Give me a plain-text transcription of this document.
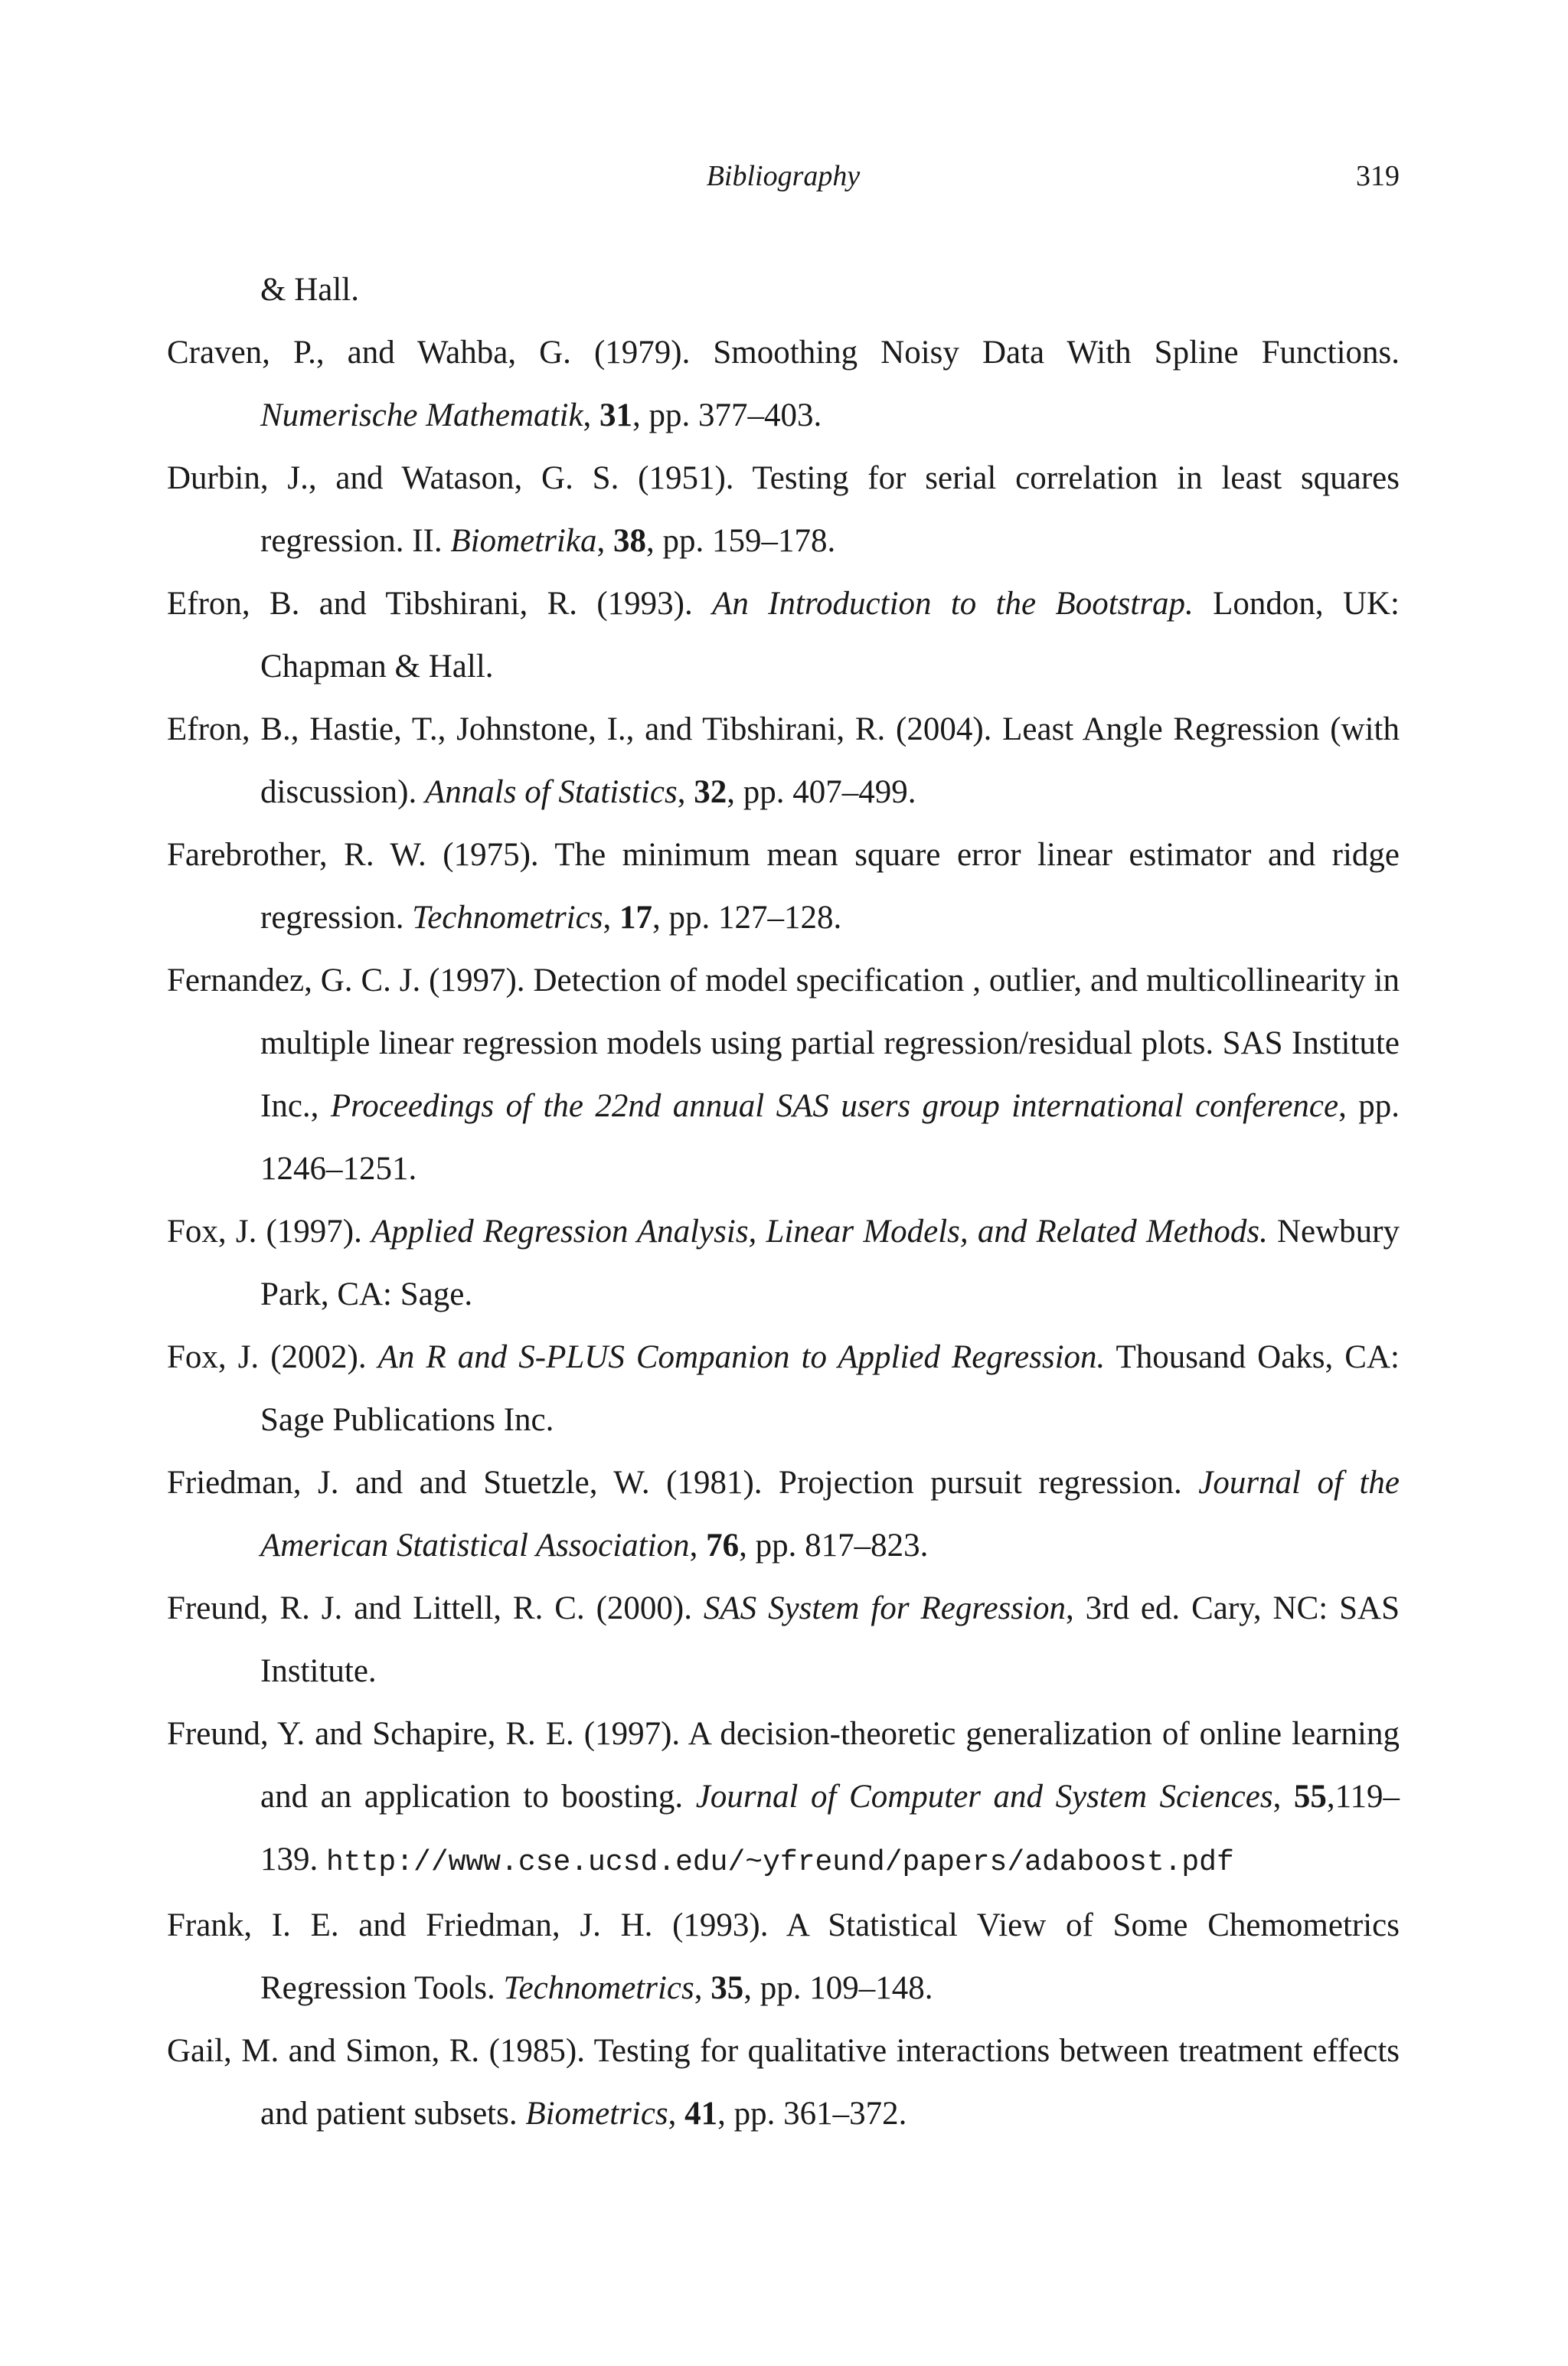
Bibliography	319

& Hall.

Craven, P., and Wahba, G. (1979). Smoothing Noisy Data With Spline Functions. Numerische Mathematik, 31, pp. 377–403.

Durbin, J., and Watason, G. S. (1951). Testing for serial correlation in least squares regression. II. Biometrika, 38, pp. 159–178.

Efron, B. and Tibshirani, R. (1993). An Introduction to the Bootstrap. London, UK: Chapman & Hall.

Efron, B., Hastie, T., Johnstone, I., and Tibshirani, R. (2004). Least Angle Regression (with discussion). Annals of Statistics, 32, pp. 407–499.

Farebrother, R. W. (1975). The minimum mean square error linear estimator and ridge regression. Technometrics, 17, pp. 127–128.

Fernandez, G. C. J. (1997). Detection of model specification , outlier, and multicollinearity in multiple linear regression models using partial regression/residual plots. SAS Institute Inc., Proceedings of the 22nd annual SAS users group international conference, pp. 1246–1251.

Fox, J. (1997). Applied Regression Analysis, Linear Models, and Related Methods. Newbury Park, CA: Sage.

Fox, J. (2002). An R and S-PLUS Companion to Applied Regression. Thousand Oaks, CA: Sage Publications Inc.

Friedman, J. and and Stuetzle, W. (1981). Projection pursuit regression. Journal of the American Statistical Association, 76, pp. 817–823.

Freund, R. J. and Littell, R. C. (2000). SAS System for Regression, 3rd ed. Cary, NC: SAS Institute.

Freund, Y. and Schapire, R. E. (1997). A decision-theoretic generalization of online learning and an application to boosting. Journal of Computer and System Sciences, 55,119–139. http://www.cse.ucsd.edu/~yfreund/papers/adaboost.pdf

Frank, I. E. and Friedman, J. H. (1993). A Statistical View of Some Chemometrics Regression Tools. Technometrics, 35, pp. 109–148.

Gail, M. and Simon, R. (1985). Testing for qualitative interactions between treatment effects and patient subsets. Biometrics, 41, pp. 361–372.
